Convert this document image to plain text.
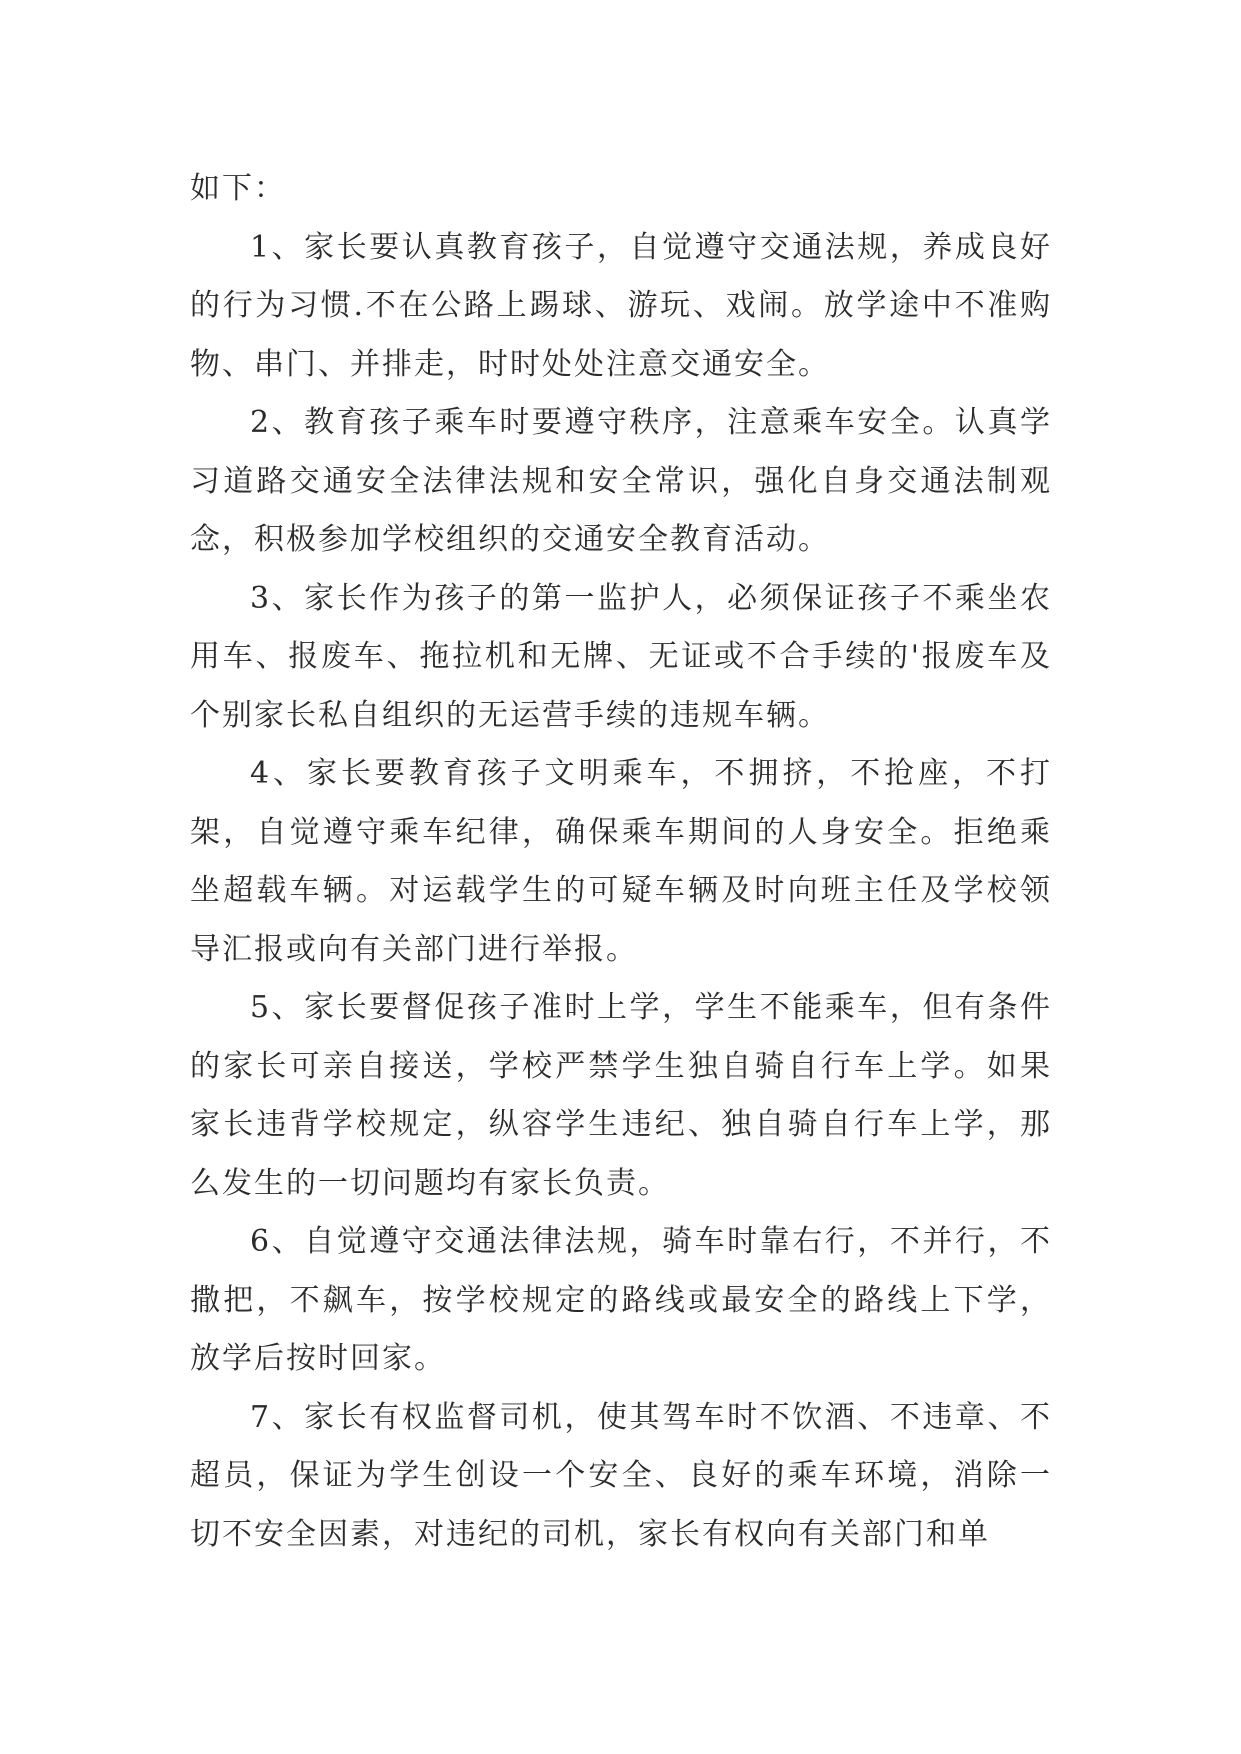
如下：

1、家长要认真教育孩子，自觉遵守交通法规，养成良好的行为习惯.不在公路上踢球、游玩、戏闹。放学途中不准购物、串门、并排走，时时处处注意交通安全。

2、教育孩子乘车时要遵守秩序，注意乘车安全。认真学习道路交通安全法律法规和安全常识，强化自身交通法制观念，积极参加学校组织的交通安全教育活动。

3、家长作为孩子的第一监护人，必须保证孩子不乘坐农用车、报废车、拖拉机和无牌、无证或不合手续的'报废车及个别家长私自组织的无运营手续的违规车辆。

4、家长要教育孩子文明乘车，不拥挤，不抢座，不打架，自觉遵守乘车纪律，确保乘车期间的人身安全。拒绝乘坐超载车辆。对运载学生的可疑车辆及时向班主任及学校领导汇报或向有关部门进行举报。

5、家长要督促孩子准时上学，学生不能乘车，但有条件的家长可亲自接送，学校严禁学生独自骑自行车上学。如果家长违背学校规定，纵容学生违纪、独自骑自行车上学，那么发生的一切问题均有家长负责。

6、自觉遵守交通法律法规，骑车时靠右行，不并行，不撒把，不飙车，按学校规定的路线或最安全的路线上下学，放学后按时回家。

7、家长有权监督司机，使其驾车时不饮酒、不违章、不超员，保证为学生创设一个安全、良好的乘车环境，消除一切不安全因素，对违纪的司机，家长有权向有关部门和单
